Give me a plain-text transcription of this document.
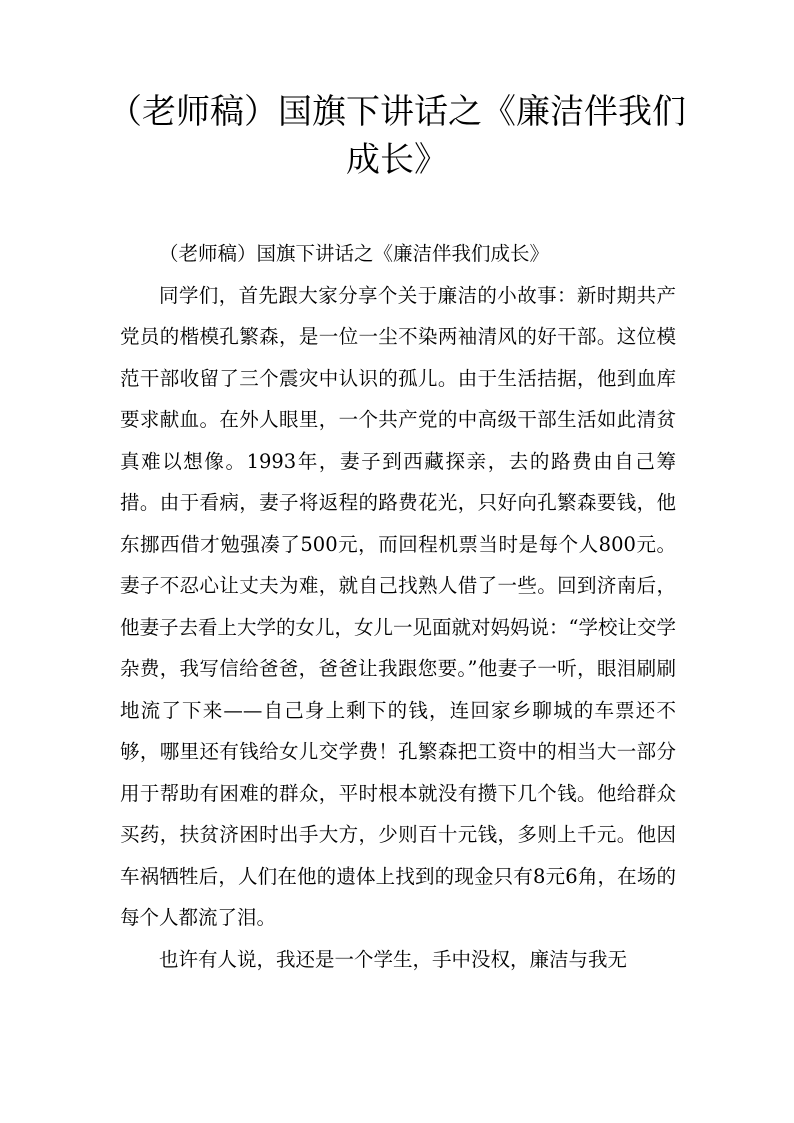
（老师稿）国旗下讲话之《廉洁伴我们成长》

（老师稿）国旗下讲话之《廉洁伴我们成长》

同学们，首先跟大家分享个关于廉洁的小故事：新时期共产党员的楷模孔繁森，是一位一尘不染两袖清风的好干部。这位模范干部收留了三个震灾中认识的孤儿。由于生活拮据，他到血库要求献血。在外人眼里，一个共产党的中高级干部生活如此清贫真难以想像。1993年，妻子到西藏探亲，去的路费由自己筹措。由于看病，妻子将返程的路费花光，只好向孔繁森要钱，他东挪西借才勉强凑了500元，而回程机票当时是每个人800元。妻子不忍心让丈夫为难，就自己找熟人借了一些。回到济南后，他妻子去看上大学的女儿，女儿一见面就对妈妈说：“学校让交学杂费，我写信给爸爸，爸爸让我跟您要。”他妻子一听，眼泪刷刷地流了下来——自己身上剩下的钱，连回家乡聊城的车票还不够，哪里还有钱给女儿交学费！孔繁森把工资中的相当大一部分用于帮助有困难的群众，平时根本就没有攒下几个钱。他给群众买药，扶贫济困时出手大方，少则百十元钱，多则上千元。他因车祸牺牲后，人们在他的遗体上找到的现金只有8元6角，在场的每个人都流了泪。

也许有人说，我还是一个学生，手中没权，廉洁与我无
